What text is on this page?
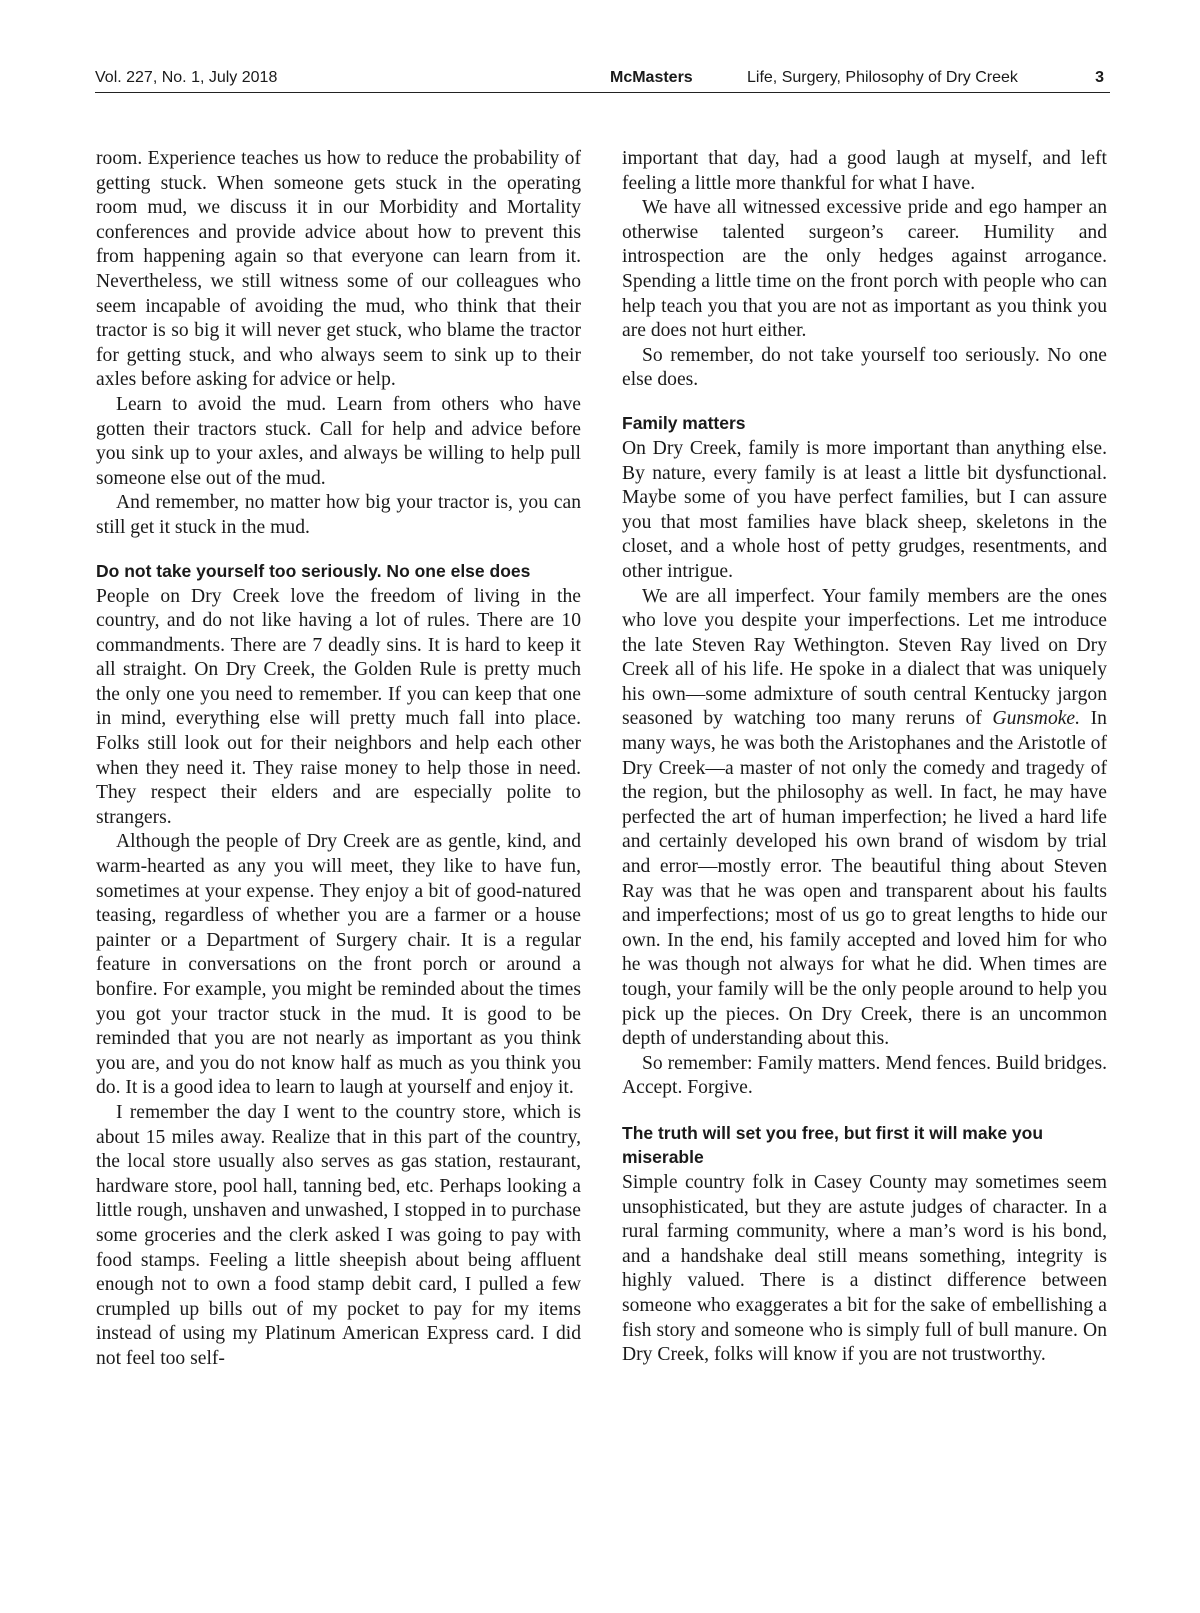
Vol. 227, No. 1, July 2018	McMasters	Life, Surgery, Philosophy of Dry Creek	3

room. Experience teaches us how to reduce the probability of getting stuck. When someone gets stuck in the operating room mud, we discuss it in our Morbidity and Mortality conferences and provide advice about how to prevent this from happening again so that everyone can learn from it. Nevertheless, we still witness some of our colleagues who seem incapable of avoiding the mud, who think that their tractor is so big it will never get stuck, who blame the tractor for getting stuck, and who always seem to sink up to their axles before asking for advice or help.

Learn to avoid the mud. Learn from others who have gotten their tractors stuck. Call for help and advice before you sink up to your axles, and always be willing to help pull someone else out of the mud.

And remember, no matter how big your tractor is, you can still get it stuck in the mud.

Do not take yourself too seriously. No one else does

People on Dry Creek love the freedom of living in the country, and do not like having a lot of rules. There are 10 commandments. There are 7 deadly sins. It is hard to keep it all straight. On Dry Creek, the Golden Rule is pretty much the only one you need to remember. If you can keep that one in mind, everything else will pretty much fall into place. Folks still look out for their neighbors and help each other when they need it. They raise money to help those in need. They respect their elders and are especially polite to strangers.

Although the people of Dry Creek are as gentle, kind, and warm-hearted as any you will meet, they like to have fun, sometimes at your expense. They enjoy a bit of good-natured teasing, regardless of whether you are a farmer or a house painter or a Department of Surgery chair. It is a regular feature in conversations on the front porch or around a bonfire. For example, you might be reminded about the times you got your tractor stuck in the mud. It is good to be reminded that you are not nearly as important as you think you are, and you do not know half as much as you think you do. It is a good idea to learn to laugh at yourself and enjoy it.

I remember the day I went to the country store, which is about 15 miles away. Realize that in this part of the country, the local store usually also serves as gas station, restaurant, hardware store, pool hall, tanning bed, etc. Perhaps looking a little rough, unshaven and unwashed, I stopped in to purchase some groceries and the clerk asked I was going to pay with food stamps. Feeling a little sheepish about being affluent enough not to own a food stamp debit card, I pulled a few crumpled up bills out of my pocket to pay for my items instead of using my Platinum American Express card. I did not feel too self-

important that day, had a good laugh at myself, and left feeling a little more thankful for what I have.

We have all witnessed excessive pride and ego hamper an otherwise talented surgeon’s career. Humility and introspection are the only hedges against arrogance. Spending a little time on the front porch with people who can help teach you that you are not as important as you think you are does not hurt either.

So remember, do not take yourself too seriously. No one else does.

Family matters

On Dry Creek, family is more important than anything else. By nature, every family is at least a little bit dysfunctional. Maybe some of you have perfect families, but I can assure you that most families have black sheep, skeletons in the closet, and a whole host of petty grudges, resentments, and other intrigue.

We are all imperfect. Your family members are the ones who love you despite your imperfections. Let me introduce the late Steven Ray Wethington. Steven Ray lived on Dry Creek all of his life. He spoke in a dialect that was uniquely his own—some admixture of south central Kentucky jargon seasoned by watching too many reruns of Gunsmoke. In many ways, he was both the Aristophanes and the Aristotle of Dry Creek—a master of not only the comedy and tragedy of the region, but the philosophy as well. In fact, he may have perfected the art of human imperfection; he lived a hard life and certainly developed his own brand of wisdom by trial and error—mostly error. The beautiful thing about Steven Ray was that he was open and transparent about his faults and imperfections; most of us go to great lengths to hide our own. In the end, his family accepted and loved him for who he was though not always for what he did. When times are tough, your family will be the only people around to help you pick up the pieces. On Dry Creek, there is an uncommon depth of understanding about this.

So remember: Family matters. Mend fences. Build bridges. Accept. Forgive.

The truth will set you free, but first it will make you miserable

Simple country folk in Casey County may sometimes seem unsophisticated, but they are astute judges of character. In a rural farming community, where a man’s word is his bond, and a handshake deal still means something, integrity is highly valued. There is a distinct difference between someone who exaggerates a bit for the sake of embellishing a fish story and someone who is simply full of bull manure. On Dry Creek, folks will know if you are not trustworthy.
